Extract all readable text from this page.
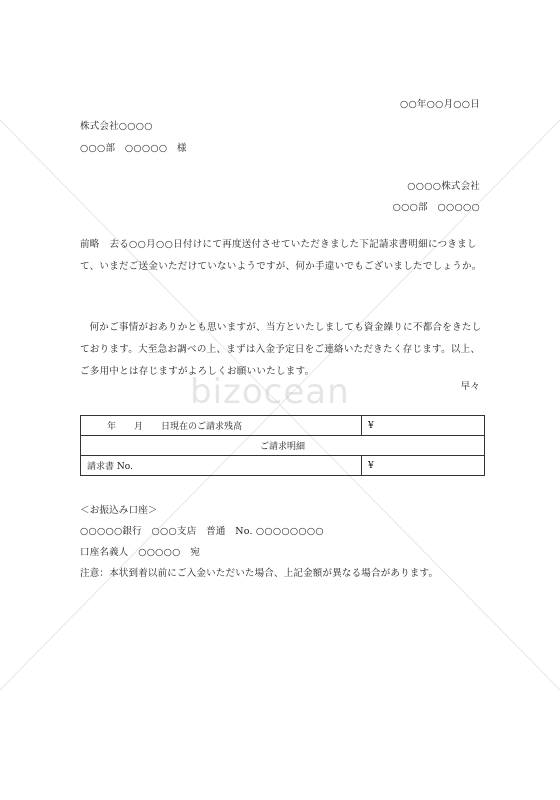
○○年○○月○○日
株式会社○○○○
○○○部　○○○○○　様
○○○○株式会社
○○○部　○○○○○
前略　去る○○月○○日付けにて再度送付させていただきました下記請求書明細につきまして、いまだご送金いただけていないようですが、何か手違いでもございましたでしょうか。
何かご事情がおありかとも思いますが、当方といたしましても資金繰りに不都合をきたしております。大至急お調べの上、まずは入金予定日をご連絡いただきたく存じます。以上、ご多用中とは存じますがよろしくお願いいたします。
早々
bizocean
年　　月　　日現在のご請求残高	¥
ご請求明細	
請求書 No.	¥
＜お振込み口座＞
○○○○○銀行　○○○支店　普通　No. ○○○○○○○○
口座名義人　○○○○○　宛
注意：本状到着以前にご入金いただいた場合、上記金額が異なる場合があります。
